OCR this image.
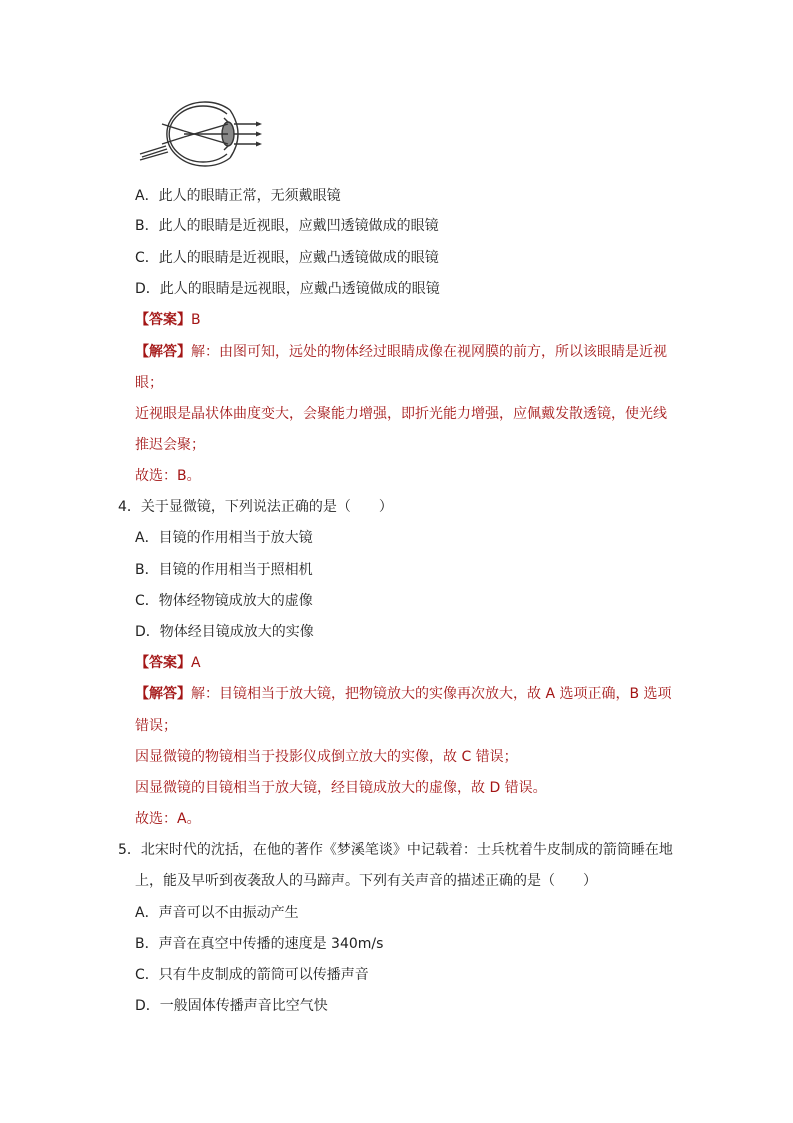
A．此人的眼睛正常，无须戴眼镜
B．此人的眼睛是近视眼，应戴凹透镜做成的眼镜
C．此人的眼睛是近视眼，应戴凸透镜做成的眼镜
D．此人的眼睛是远视眼，应戴凸透镜做成的眼镜
【答案】B
【解答】解：由图可知，远处的物体经过眼睛成像在视网膜的前方，所以该眼睛是近视
眼；
近视眼是晶状体曲度变大，会聚能力增强，即折光能力增强，应佩戴发散透镜，使光线
推迟会聚；
故选：B。
4．关于显微镜，下列说法正确的是（　　）
A．目镜的作用相当于放大镜
B．目镜的作用相当于照相机
C．物体经物镜成放大的虚像
D．物体经目镜成放大的实像
【答案】A
【解答】解：目镜相当于放大镜，把物镜放大的实像再次放大，故 A 选项正确，B 选项
错误；
因显微镜的物镜相当于投影仪成倒立放大的实像，故 C 错误；
因显微镜的目镜相当于放大镜，经目镜成放大的虚像，故 D 错误。
故选：A。
5．北宋时代的沈括，在他的著作《梦溪笔谈》中记载着：士兵枕着牛皮制成的箭筒睡在地
上，能及早听到夜袭敌人的马蹄声。下列有关声音的描述正确的是（　　）
A．声音可以不由振动产生
B．声音在真空中传播的速度是 340m/s
C．只有牛皮制成的箭筒可以传播声音
D．一般固体传播声音比空气快
